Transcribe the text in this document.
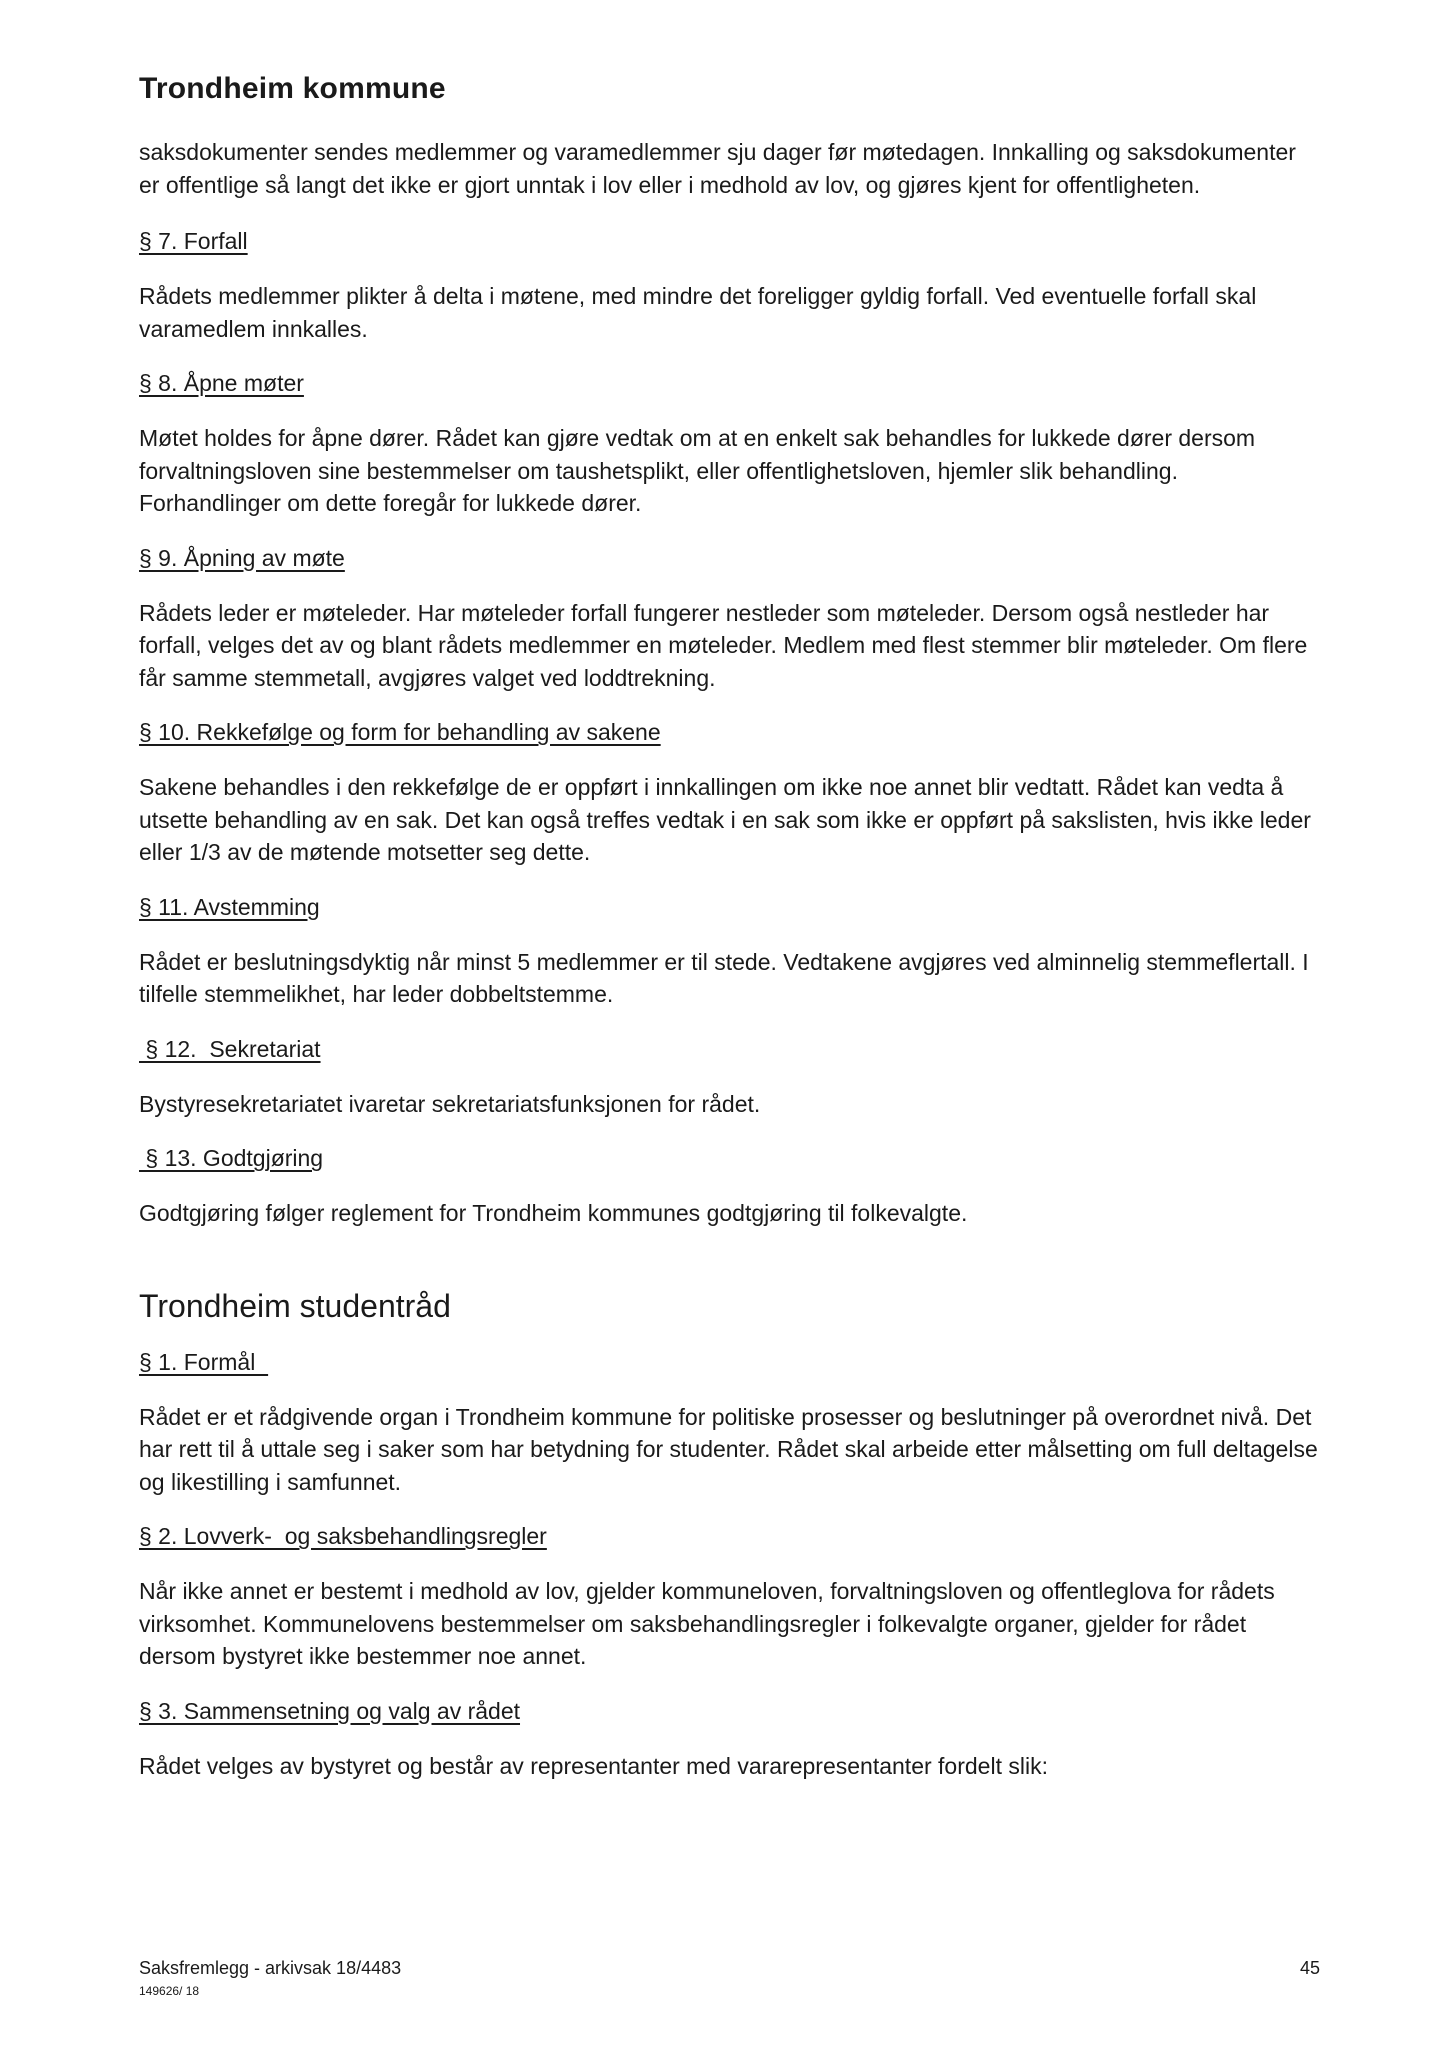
Trondheim kommune

saksdokumenter sendes medlemmer og varamedlemmer sju dager før møtedagen. Innkalling og saksdokumenter er offentlige så langt det ikke er gjort unntak i lov eller i medhold av lov, og gjøres kjent for offentligheten.

§ 7. Forfall

Rådets medlemmer plikter å delta i møtene, med mindre det foreligger gyldig forfall. Ved eventuelle forfall skal varamedlem innkalles.

§ 8. Åpne møter

Møtet holdes for åpne dører. Rådet kan gjøre vedtak om at en enkelt sak behandles for lukkede dører dersom forvaltningsloven sine bestemmelser om taushetsplikt, eller offentlighetsloven, hjemler slik behandling. Forhandlinger om dette foregår for lukkede dører.

§ 9. Åpning av møte

Rådets leder er møteleder. Har møteleder forfall fungerer nestleder som møteleder. Dersom også nestleder har forfall, velges det av og blant rådets medlemmer en møteleder. Medlem med flest stemmer blir møteleder. Om flere får samme stemmetall, avgjøres valget ved loddtrekning.

§ 10. Rekkefølge og form for behandling av sakene

Sakene behandles i den rekkefølge de er oppført i innkallingen om ikke noe annet blir vedtatt. Rådet kan vedta å utsette behandling av en sak. Det kan også treffes vedtak i en sak som ikke er oppført på sakslisten, hvis ikke leder eller 1/3 av de møtende motsetter seg dette.

§ 11. Avstemming

Rådet er beslutningsdyktig når minst 5 medlemmer er til stede. Vedtakene avgjøres ved alminnelig stemmeflertall. I tilfelle stemmelikhet, har leder dobbeltstemme.

§ 12.  Sekretariat

Bystyresekretariatet ivaretar sekretariatsfunksjonen for rådet.

§ 13. Godtgjøring

Godtgjøring følger reglement for Trondheim kommunes godtgjøring til folkevalgte.

Trondheim studentråd

§ 1. Formål

Rådet er et rådgivende organ i Trondheim kommune for politiske prosesser og beslutninger på overordnet nivå. Det har rett til å uttale seg i saker som har betydning for studenter. Rådet skal arbeide etter målsetting om full deltagelse og likestilling i samfunnet.

§ 2. Lovverk-  og saksbehandlingsregler

Når ikke annet er bestemt i medhold av lov, gjelder kommuneloven, forvaltningsloven og offentleglova for rådets virksomhet. Kommunelovens bestemmelser om saksbehandlingsregler i folkevalgte organer, gjelder for rådet dersom bystyret ikke bestemmer noe annet.

§ 3. Sammensetning og valg av rådet

Rådet velges av bystyret og består av representanter med vararepresentanter fordelt slik:

Saksfremlegg - arkivsak 18/4483
149626/ 18
45
